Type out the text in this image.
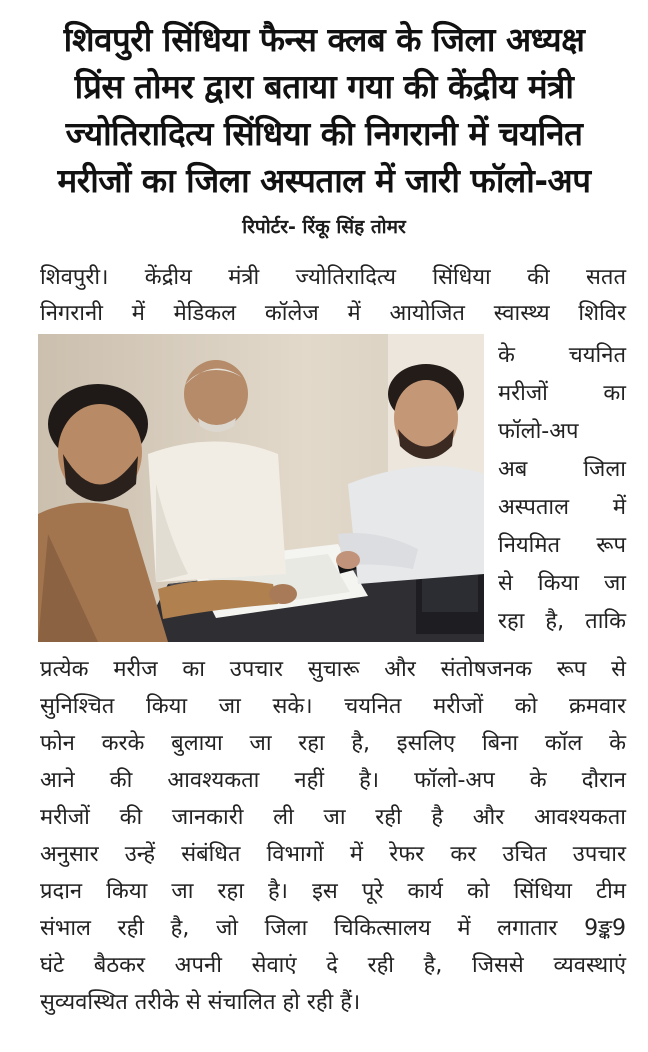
शिवपुरी सिंधिया फैन्स क्लब के जिला अध्यक्ष
प्रिंस तोमर द्वारा बताया गया की केंद्रीय मंत्री
ज्योतिरादित्य सिंधिया की निगरानी में चयनित
मरीजों का जिला अस्पताल में जारी फॉलो-अप
रिपोर्टर- रिंकू सिंह तोमर
शिवपुरी। केंद्रीय मंत्री ज्योतिरादित्य सिंधिया की सतत
निगरानी में मेडिकल कॉलेज में आयोजित स्वास्थ्य शिविर
के चयनित
मरीजों का
फॉलो-अप
अब जिला
अस्पताल में
नियमित रूप
से किया जा
रहा है, ताकि
प्रत्येक मरीज का उपचार सुचारू और संतोषजनक रूप से
सुनिश्चित किया जा सके। चयनित मरीजों को क्रमवार
फोन करके बुलाया जा रहा है, इसलिए बिना कॉल के
आने की आवश्यकता नहीं है। फॉलो-अप के दौरान
मरीजों की जानकारी ली जा रही है और आवश्यकता
अनुसार उन्हें संबंधित विभागों में रेफर कर उचित उपचार
प्रदान किया जा रहा है। इस पूरे कार्य को सिंधिया टीम
संभाल रही है, जो जिला चिकित्सालय में लगातार 9ङ्क9
घंटे बैठकर अपनी सेवाएं दे रही है, जिससे व्यवस्थाएं
सुव्यवस्थित तरीके से संचालित हो रही हैं।
